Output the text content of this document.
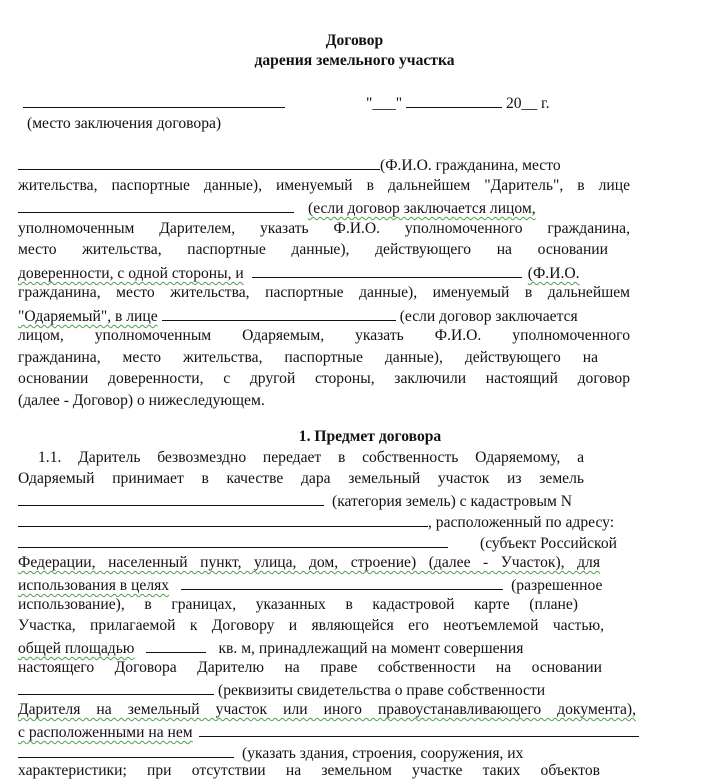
Договор
дарения земельного участка
"___"	20__ г.
(место заключения договора)
(Ф.И.О. гражданина, место
жительства, паспортные данные), именуемый в дальнейшем "Даритель", в лице
(если договор заключается лицом,
уполномоченным Дарителем, указать Ф.И.О. уполномоченного гражданина,
место жительства, паспортные данные), действующего на основании
доверенности, с одной стороны, и	(Ф.И.О.
гражданина, место жительства, паспортные данные), именуемый в дальнейшем
"Одаряемый", в лице	(если договор заключается
лицом, уполномоченным Одаряемым, указать Ф.И.О. уполномоченного
гражданина, место жительства, паспортные данные), действующего на
основании доверенности, с другой стороны, заключили настоящий договор
(далее - Договор) о нижеследующем.
1. Предмет договора
1.1. Даритель безвозмездно передает в собственность Одаряемому, а
Одаряемый принимает в качестве дара земельный участок из земель
(категория земель) с кадастровым N
, расположенный по адресу:
(субъект Российской
Федерации, населенный пункт, улица, дом, строение) (далее - Участок), для
использования в целях	(разрешенное
использование), в границах, указанных в кадастровой карте (плане)
Участка, прилагаемой к Договору и являющейся его неотъемлемой частью,
общей площадью	кв. м, принадлежащий на момент совершения
настоящего Договора Дарителю на праве собственности на основании
(реквизиты свидетельства о праве собственности
Дарителя на земельный участок или иного правоустанавливающего документа),
с расположенными на нем
(указать здания, строения, сооружения, их
характеристики; при отсутствии на земельном участке таких объектов
